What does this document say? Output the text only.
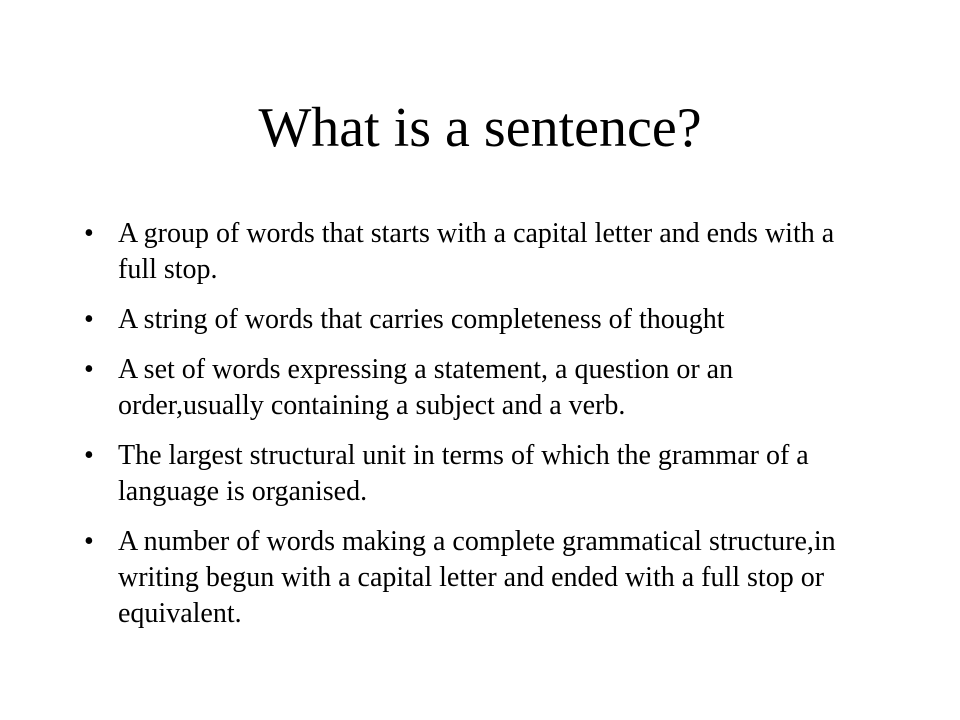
What is a sentence?
• A group of words that starts with a capital letter and ends with a full stop.
• A string of words that carries completeness of thought
• A set of words expressing a statement, a question or an order,usually containing a subject and a verb.
• The largest structural unit in terms of which the grammar of a language is organised.
• A number of words making a complete grammatical structure,in writing begun with a capital letter and ended with a full stop or equivalent.
